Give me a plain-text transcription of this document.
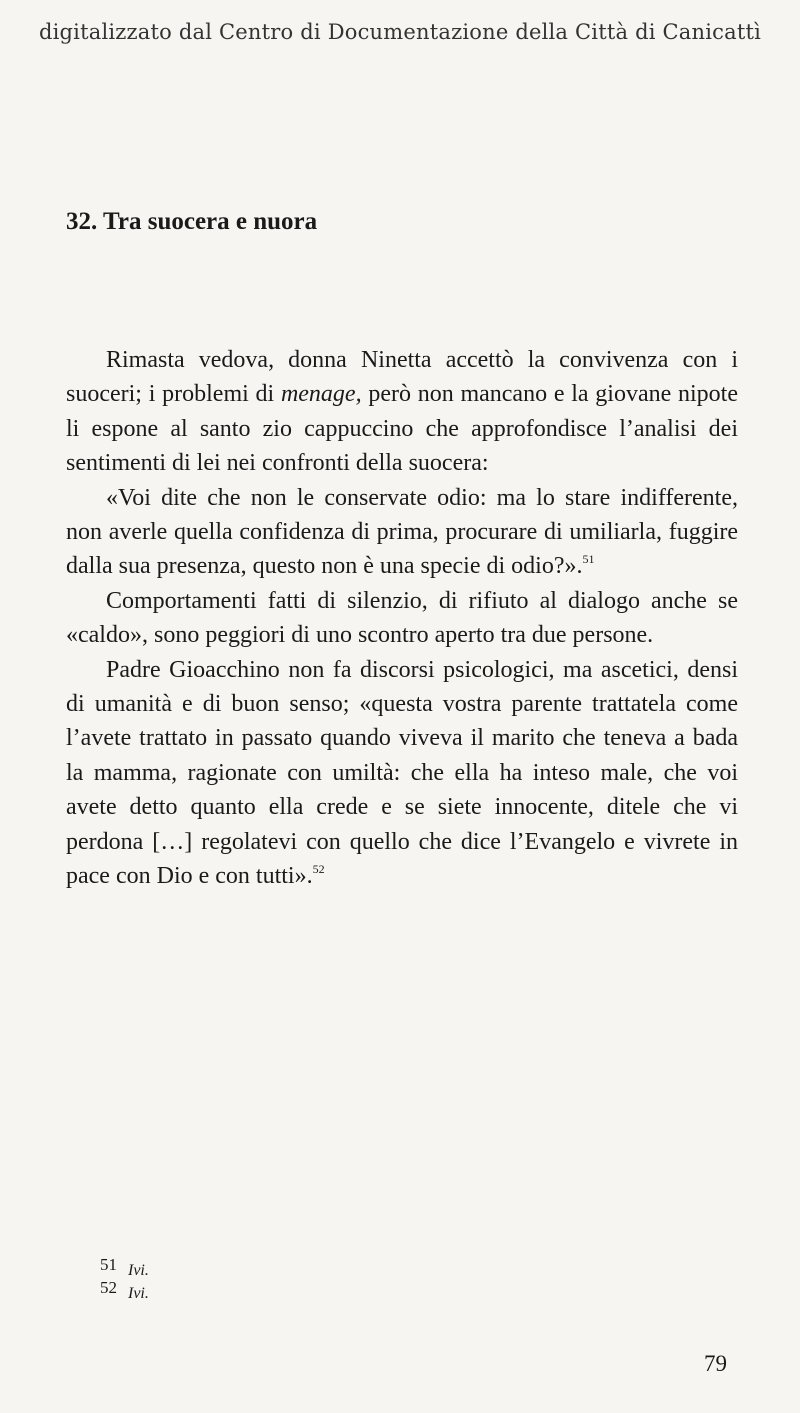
digitalizzato dal Centro di Documentazione della Città di Canicattì
32. Tra suocera e nuora

Rimasta vedova, donna Ninetta accettò la convivenza con i suoceri; i problemi di menage, però non mancano e la giovane nipote li espone al santo zio cappuccino che approfondisce l’analisi dei sentimenti di lei nei confronti della suocera:

«Voi dite che non le conservate odio: ma lo stare indifferente, non averle quella confidenza di prima, procurare di umiliarla, fuggire dalla sua presenza, questo non è una specie di odio?».$^{51}$

Comportamenti fatti di silenzio, di rifiuto al dialogo anche se «caldo», sono peggiori di uno scontro aperto tra due persone.

Padre Gioacchino non fa discorsi psicologici, ma ascetici, densi di umanità e di buon senso; «questa vostra parente trattatela come l’avete trattato in passato quando viveva il marito che teneva a bada la mamma, ragionate con umiltà: che ella ha inteso male, che voi avete detto quanto ella crede e se siete innocente, ditele che vi perdona […] regolatevi con quello che dice l’Evangelo e vivrete in pace con Dio e con tutti».$^{52}$

51 Ivi.
52 Ivi.
79
